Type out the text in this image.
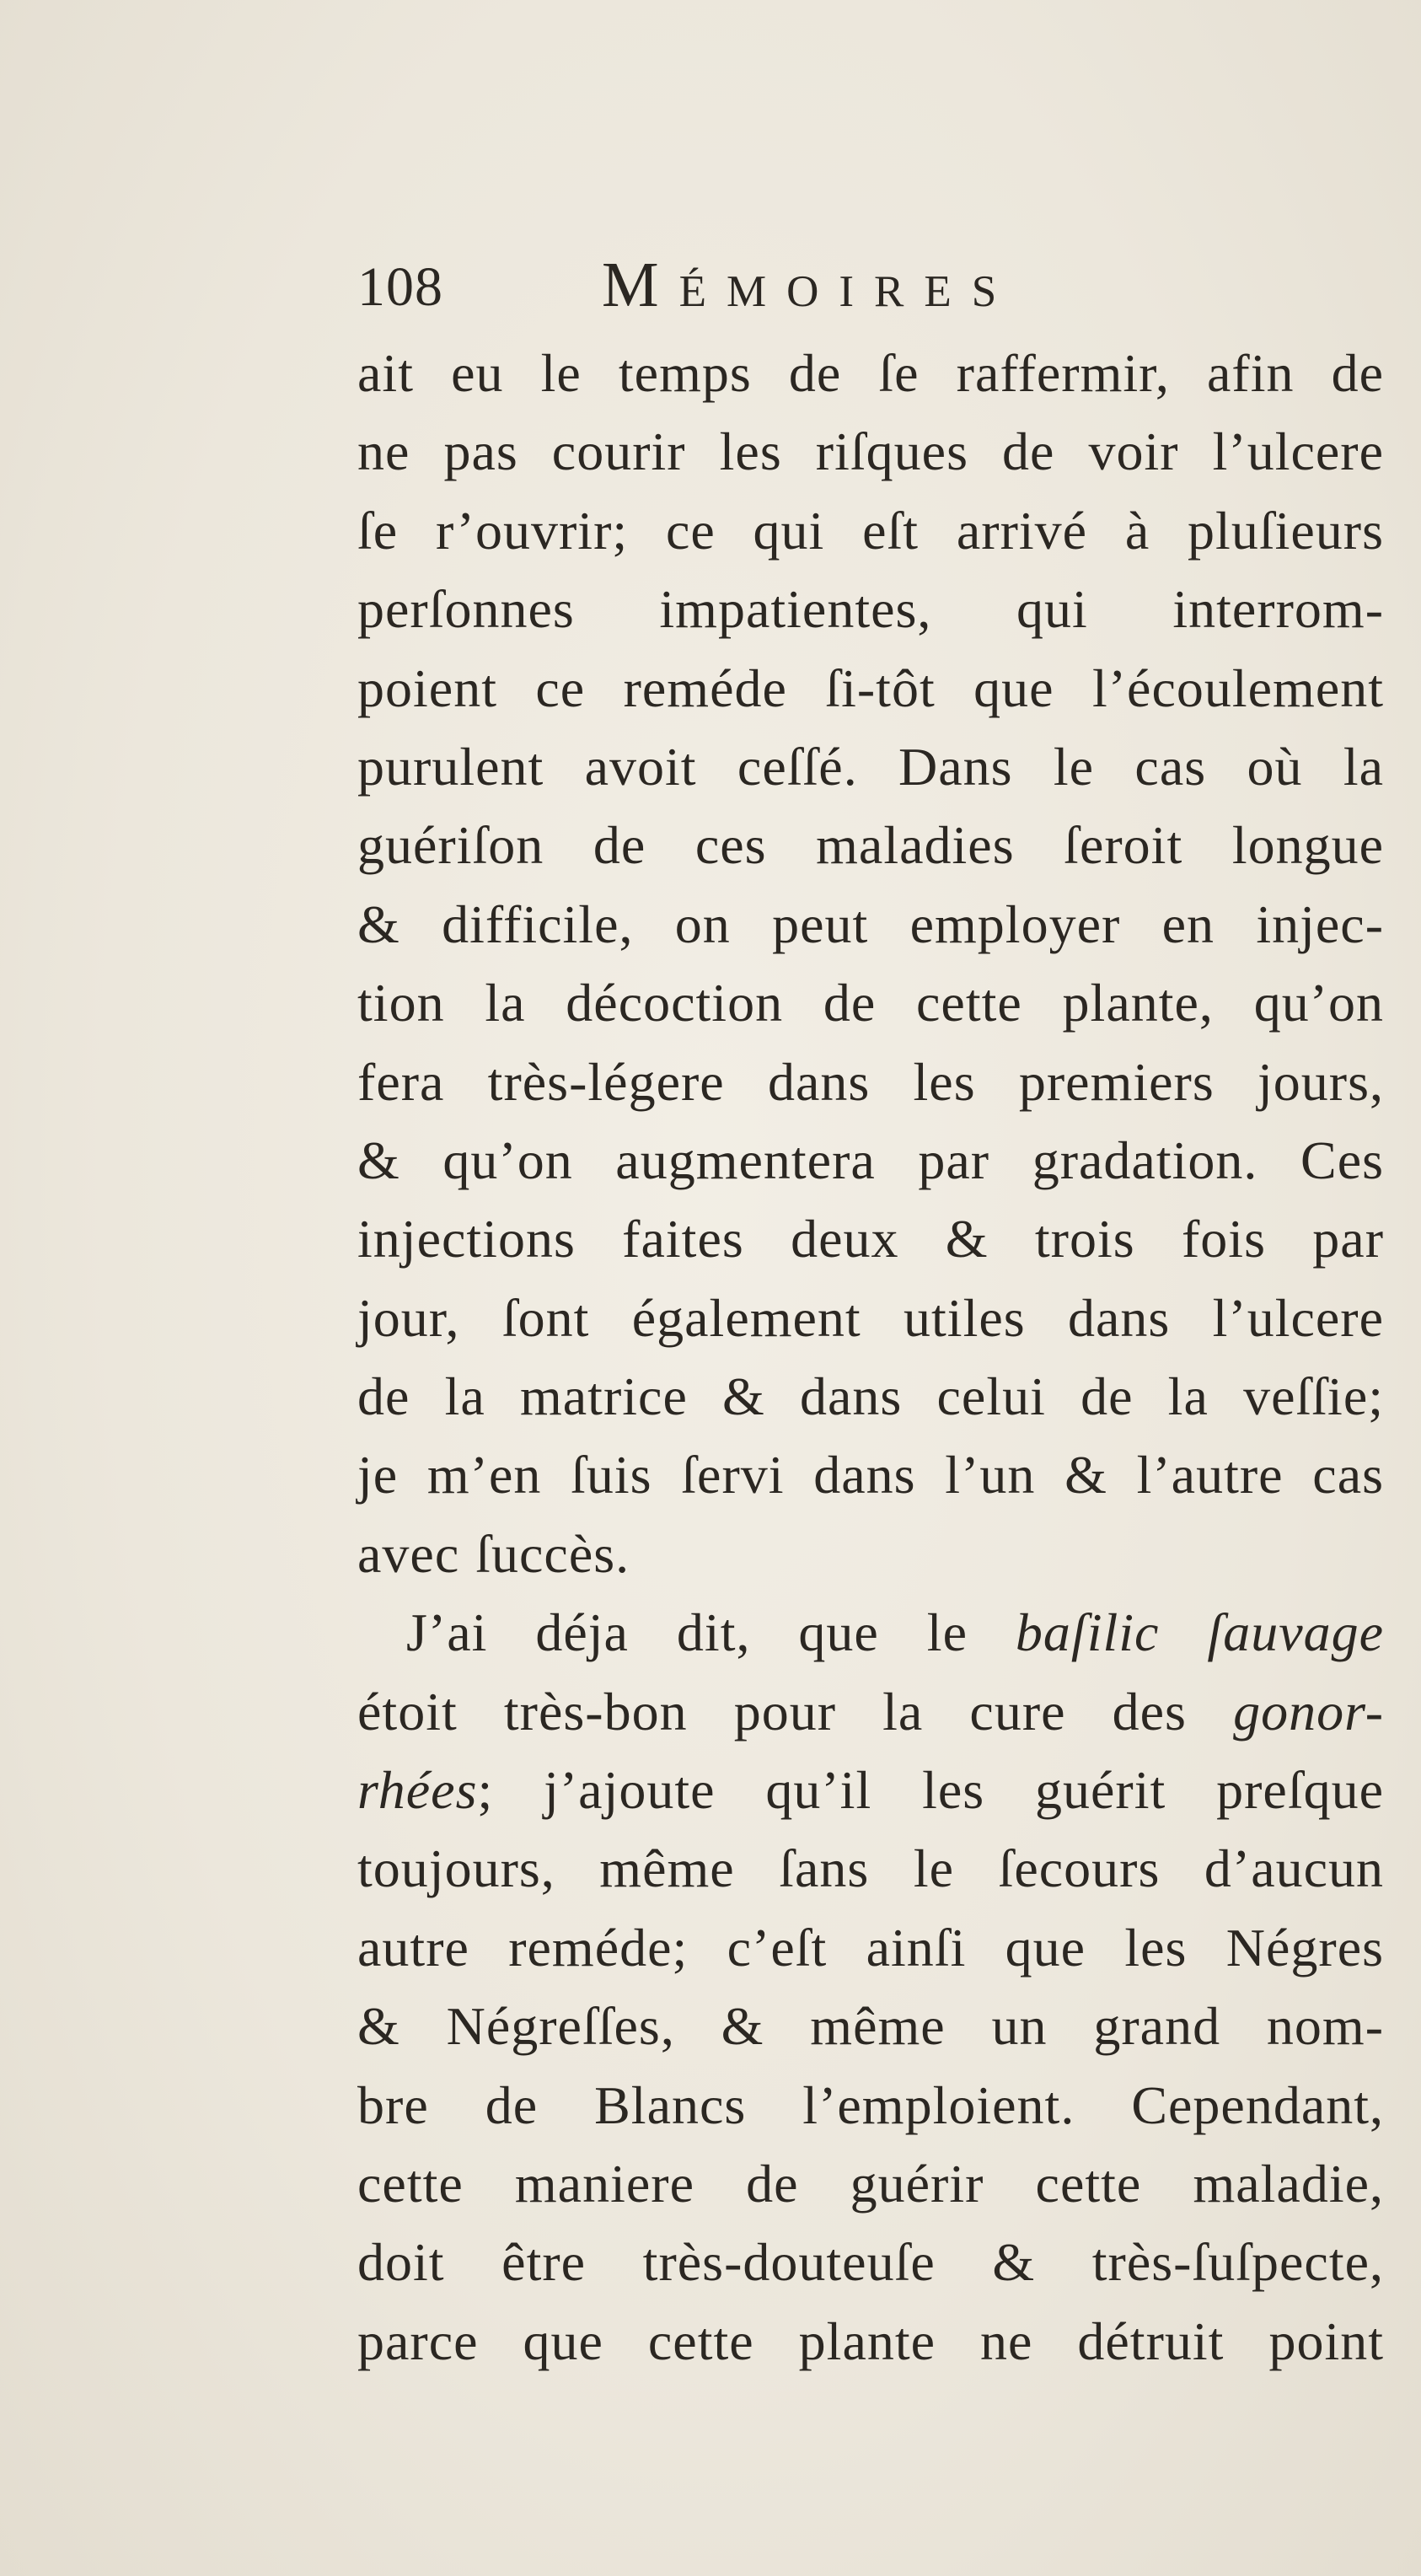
108 Mémoires
ait eu le temps de ſe raffermir, afin de
ne pas courir les riſques de voir l’ulcere
ſe r’ouvrir; ce qui eſt arrivé à pluſieurs
perſonnes impatientes, qui interrom-
poient ce reméde ſi-tôt que l’écoulement
purulent avoit ceſſé. Dans le cas où la
guériſon de ces maladies ſeroit longue
& difficile, on peut employer en injec-
tion la décoction de cette plante, qu’on
fera très-légere dans les premiers jours,
& qu’on augmentera par gradation. Ces
injections faites deux & trois fois par
jour, ſont également utiles dans l’ulcere
de la matrice & dans celui de la veſſie;
je m’en ſuis ſervi dans l’un & l’autre cas
avec ſuccès.
J’ai déja dit, que le baſilic ſauvage
étoit très-bon pour la cure des gonor-
rhées; j’ajoute qu’il les guérit preſque
toujours, même ſans le ſecours d’aucun
autre reméde; c’eſt ainſi que les Négres
& Négreſſes, & même un grand nom-
bre de Blancs l’emploient. Cependant,
cette maniere de guérir cette maladie,
doit être très-douteuſe & très-ſuſpecte,
parce que cette plante ne détruit point
